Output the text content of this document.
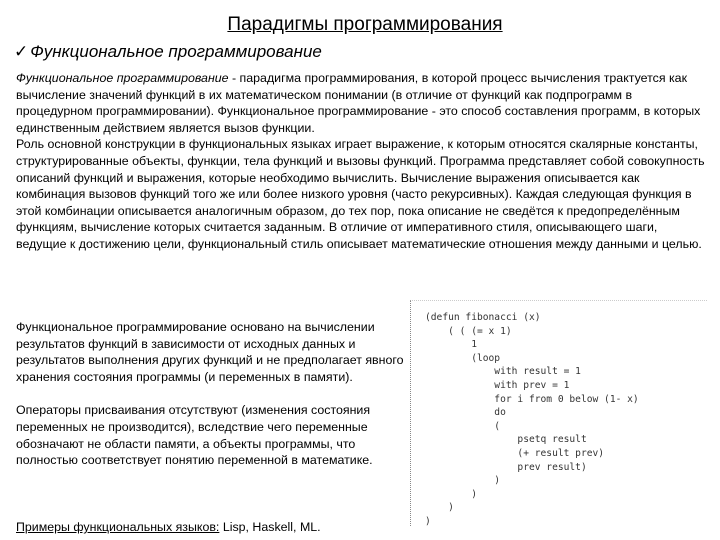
Парадигмы программирования
✓ Функциональное программирование

Функциональное программирование - парадигма программирования, в которой процесс вычисления трактуется как вычисление значений функций в их математическом понимании (в отличие от функций как подпрограмм в процедурном программировании). Функциональное программирование - это способ составления программ, в которых единственным действием является вызов функции.

Роль основной конструкции в функциональных языках играет выражение, к которым относятся скалярные константы, структурированные объекты, функции, тела функций и вызовы функций. Программа представляет собой совокупность описаний функций и выражения, которые необходимо вычислить. Вычисление выражения описывается как комбинация вызовов функций того же или более низкого уровня (часто рекурсивных). Каждая следующая функция в этой комбинации описывается аналогичным образом, до тех пор, пока описание не сведётся к предопределённым функциям, вычисление которых считается заданным. В отличие от императивного стиля, описывающего шаги, ведущие к достижению цели, функциональный стиль описывает математические отношения между данными и целью.

Функциональное программирование основано на вычислении результатов функций в зависимости от исходных данных и результатов выполнения других функций и не предполагает явного хранения состояния программы (и переменных в памяти).

Операторы присваивания отсутствуют (изменения состояния переменных не производится), вследствие чего переменные обозначают не области памяти, а объекты программы, что полностью соответствует понятию переменной в математике.

Примеры функциональных языков: Lisp, Haskell, ML.
(defun fibonacci (x)
( ( (= x 1)
1
(loop
with result = 1
with prev = 1
for i from 0 below (1- x)
do
(
psetq result
(+ result prev)
prev result)
)
)
)
)
